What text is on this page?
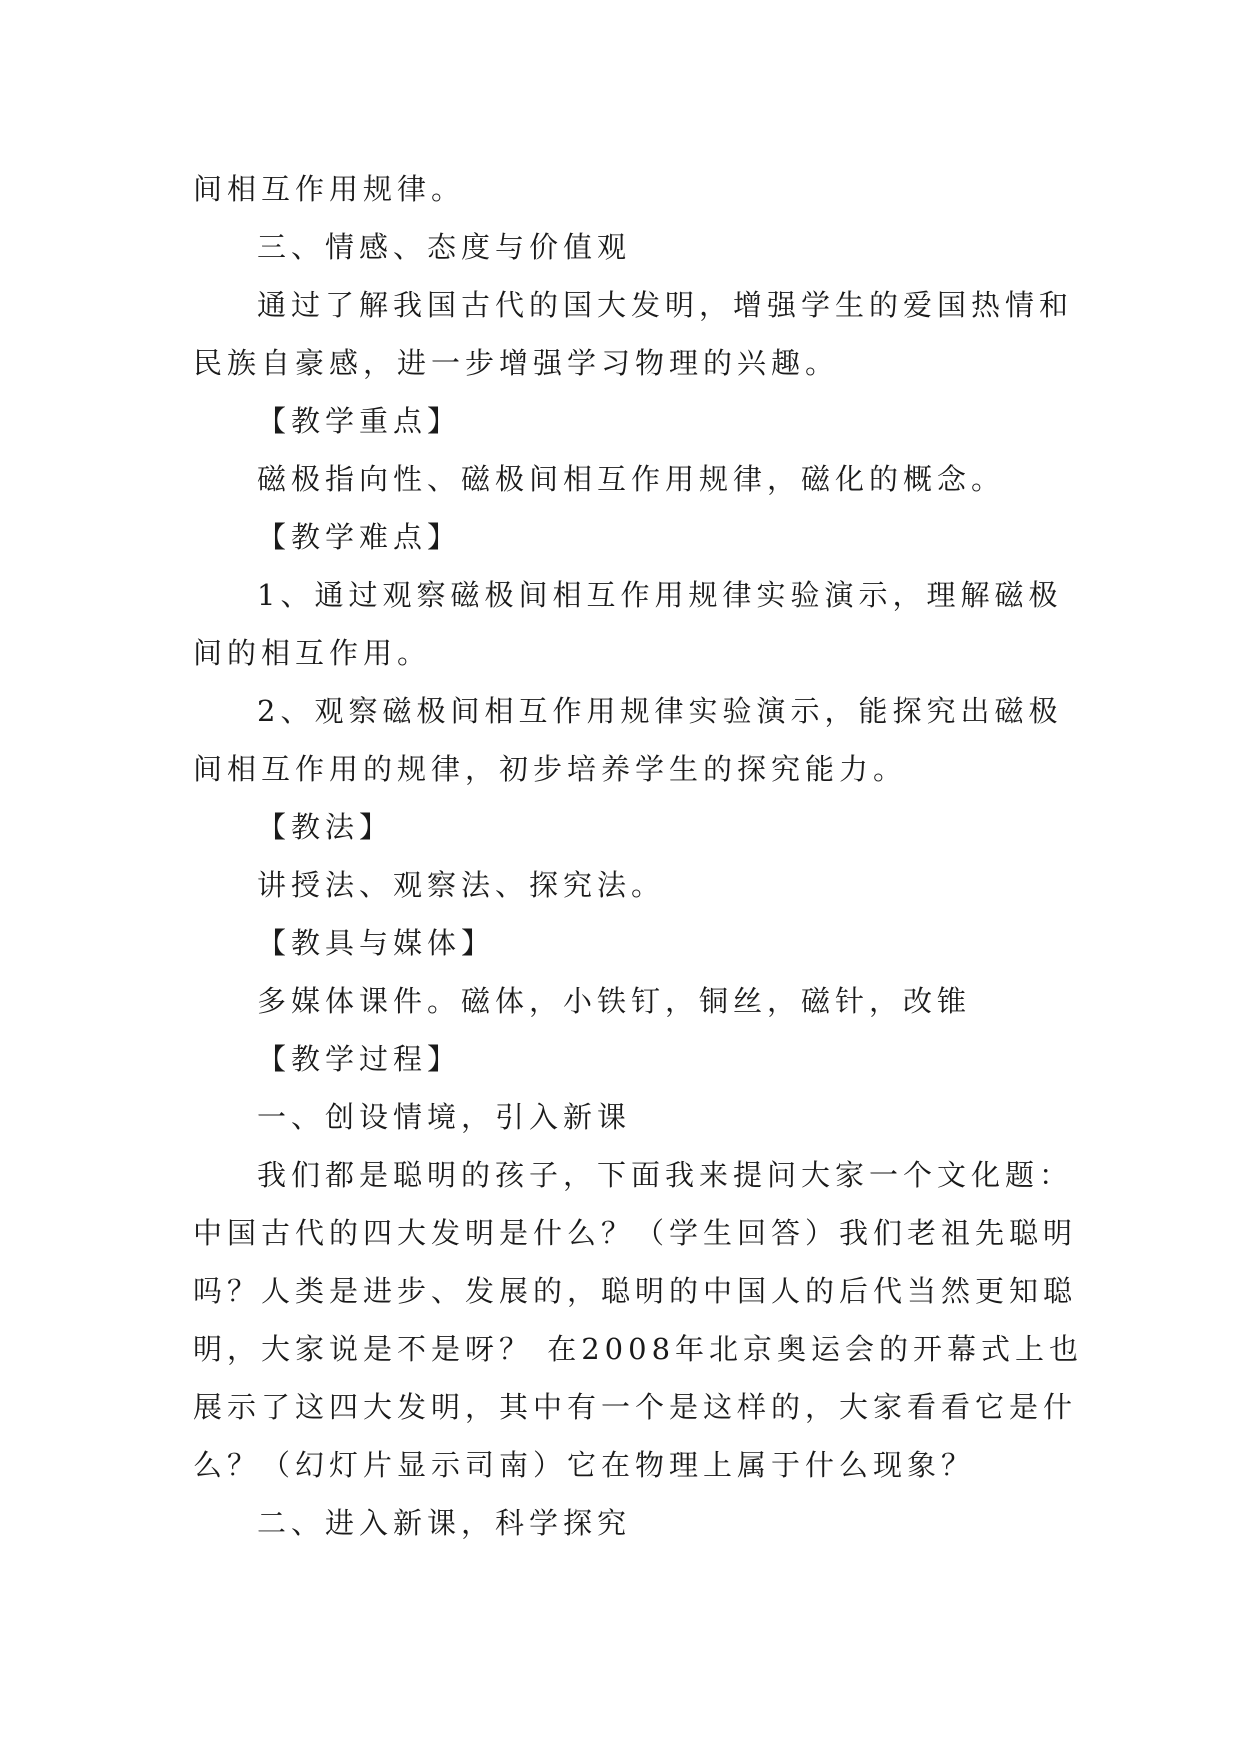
间相互作用规律。

三、情感、态度与价值观

通过了解我国古代的国大发明，增强学生的爱国热情和

民族自豪感，进一步增强学习物理的兴趣。

【教学重点】

磁极指向性、磁极间相互作用规律，磁化的概念。

【教学难点】

1、通过观察磁极间相互作用规律实验演示，理解磁极

间的相互作用。

2、观察磁极间相互作用规律实验演示，能探究出磁极

间相互作用的规律，初步培养学生的探究能力。

【教法】

讲授法、观察法、探究法。

【教具与媒体】

多媒体课件。磁体，小铁钉，铜丝，磁针，改锥

【教学过程】

一、创设情境，引入新课

我们都是聪明的孩子，下面我来提问大家一个文化题：

中国古代的四大发明是什么？（学生回答）我们老祖先聪明

吗？人类是进步、发展的，聪明的中国人的后代当然更知聪

明，大家说是不是呀？ 在2008年北京奥运会的开幕式上也

展示了这四大发明，其中有一个是这样的，大家看看它是什

么？（幻灯片显示司南）它在物理上属于什么现象？

二、进入新课，科学探究
